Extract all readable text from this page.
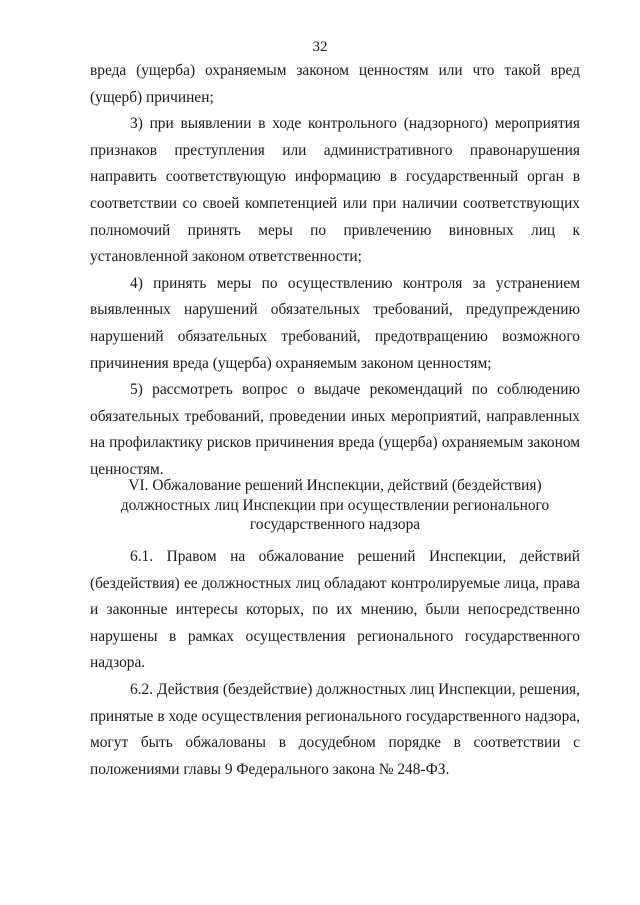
32

вреда (ущерба) охраняемым законом ценностям или что такой вред (ущерб) причинен;

3) при выявлении в ходе контрольного (надзорного) мероприятия признаков преступления или административного правонарушения направить соответствующую информацию в государственный орган в соответствии со своей компетенцией или при наличии соответствующих полномочий принять меры по привлечению виновных лиц к установленной законом ответственности;

4) принять меры по осуществлению контроля за устранением выявленных нарушений обязательных требований, предупреждению нарушений обязательных требований, предотвращению возможного причинения вреда (ущерба) охраняемым законом ценностям;

5) рассмотреть вопрос о выдаче рекомендаций по соблюдению обязательных требований, проведении иных мероприятий, направленных на профилактику рисков причинения вреда (ущерба) охраняемым законом ценностям.

VI. Обжалование решений Инспекции, действий (бездействия)
должностных лиц Инспекции при осуществлении регионального
государственного надзора

6.1. Правом на обжалование решений Инспекции, действий (бездействия) ее должностных лиц обладают контролируемые лица, права и законные интересы которых, по их мнению, были непосредственно нарушены в рамках осуществления регионального государственного надзора.

6.2. Действия (бездействие) должностных лиц Инспекции, решения, принятые в ходе осуществления регионального государственного надзора, могут быть обжалованы в досудебном порядке в соответствии с положениями главы 9 Федерального закона № 248-ФЗ.
